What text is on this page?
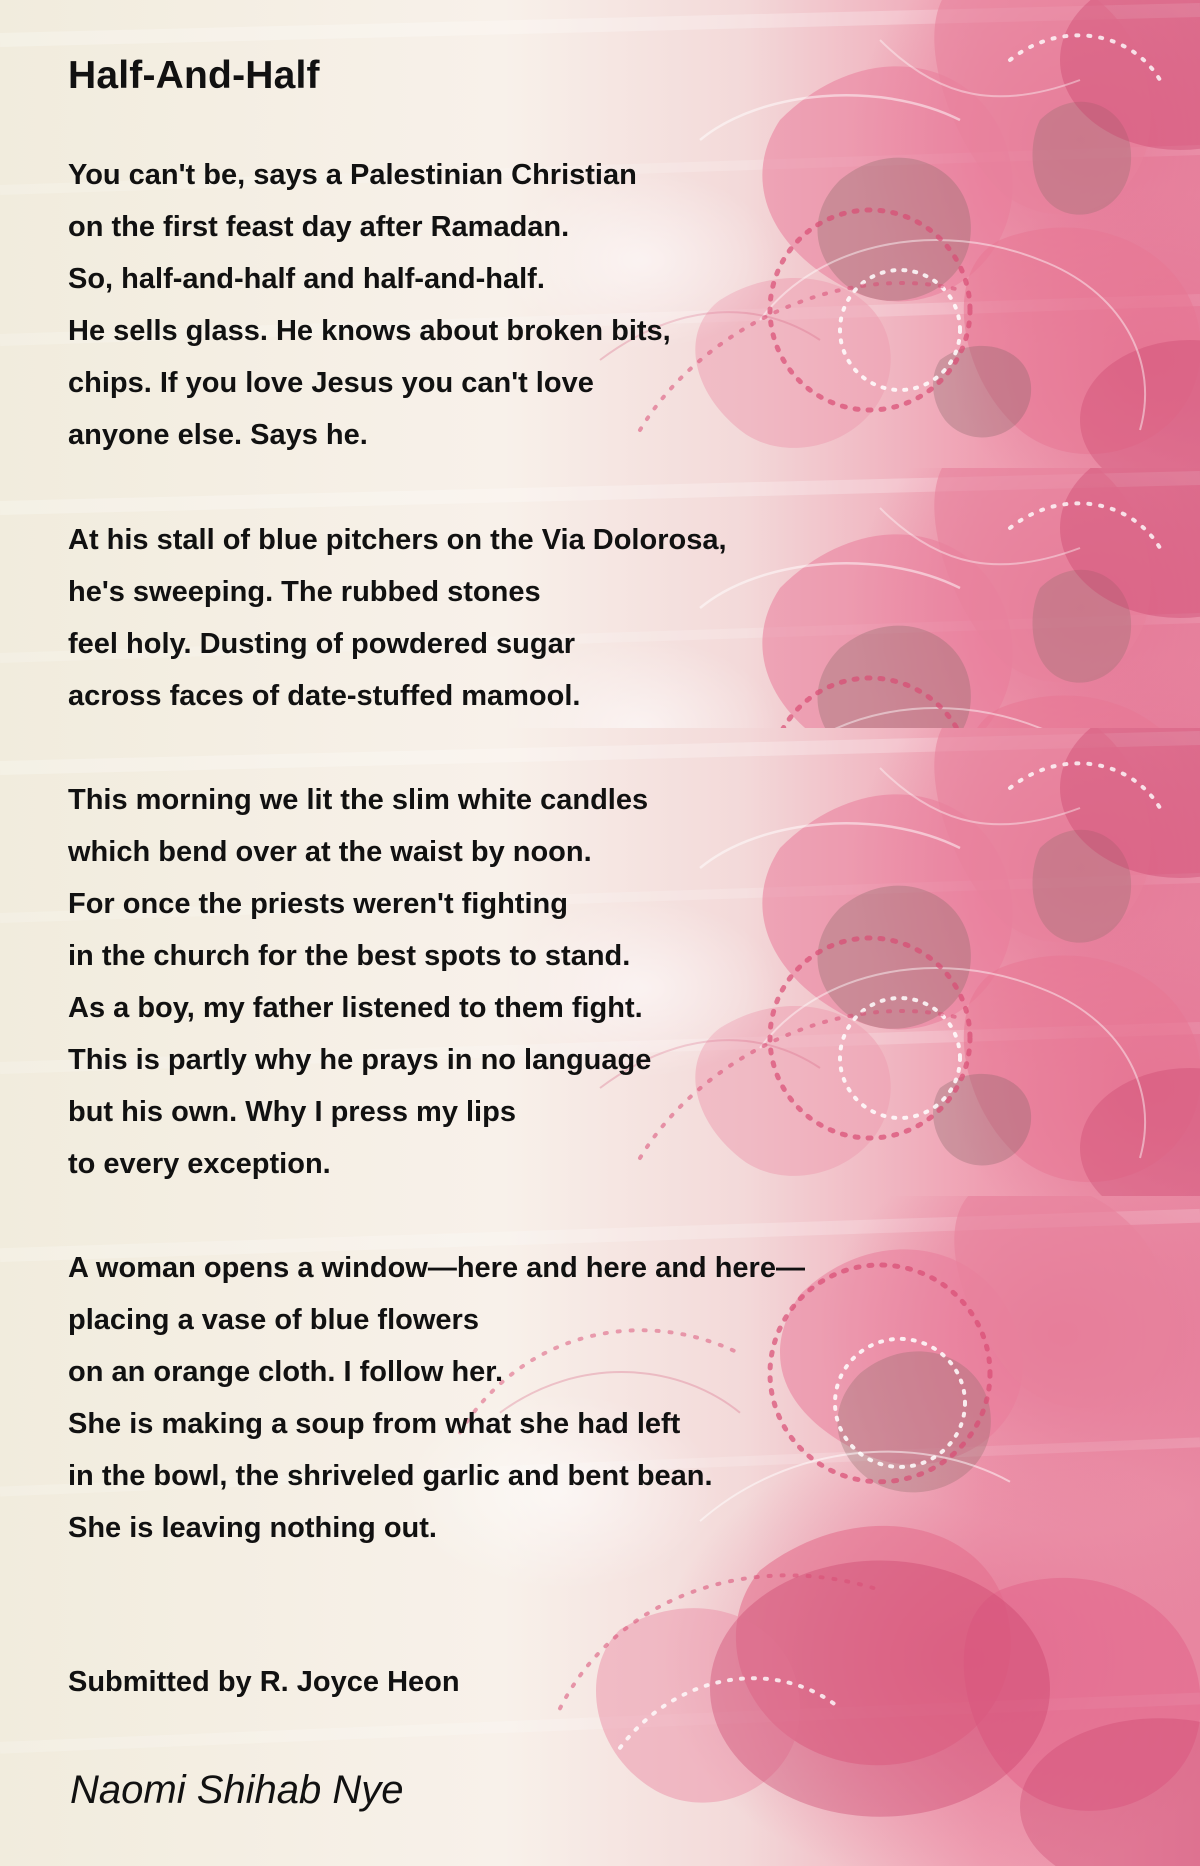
Half-And-Half
You can't be, says a Palestinian Christian
on the first feast day after Ramadan.
So, half-and-half and half-and-half.
He sells glass. He knows about broken bits,
chips. If you love Jesus you can't love
anyone else. Says he.
At his stall of blue pitchers on the Via Dolorosa,
he's sweeping. The rubbed stones
feel holy. Dusting of powdered sugar
across faces of date-stuffed mamool.
This morning we lit the slim white candles
which bend over at the waist by noon.
For once the priests weren't fighting
in the church for the best spots to stand.
As a boy, my father listened to them fight.
This is partly why he prays in no language
but his own. Why I press my lips
to every exception.
A woman opens a window—here and here and here—
placing a vase of blue flowers
on an orange cloth. I follow her.
She is making a soup from what she had left
in the bowl, the shriveled garlic and bent bean.
She is leaving nothing out.
Submitted by R. Joyce Heon
Naomi Shihab Nye
